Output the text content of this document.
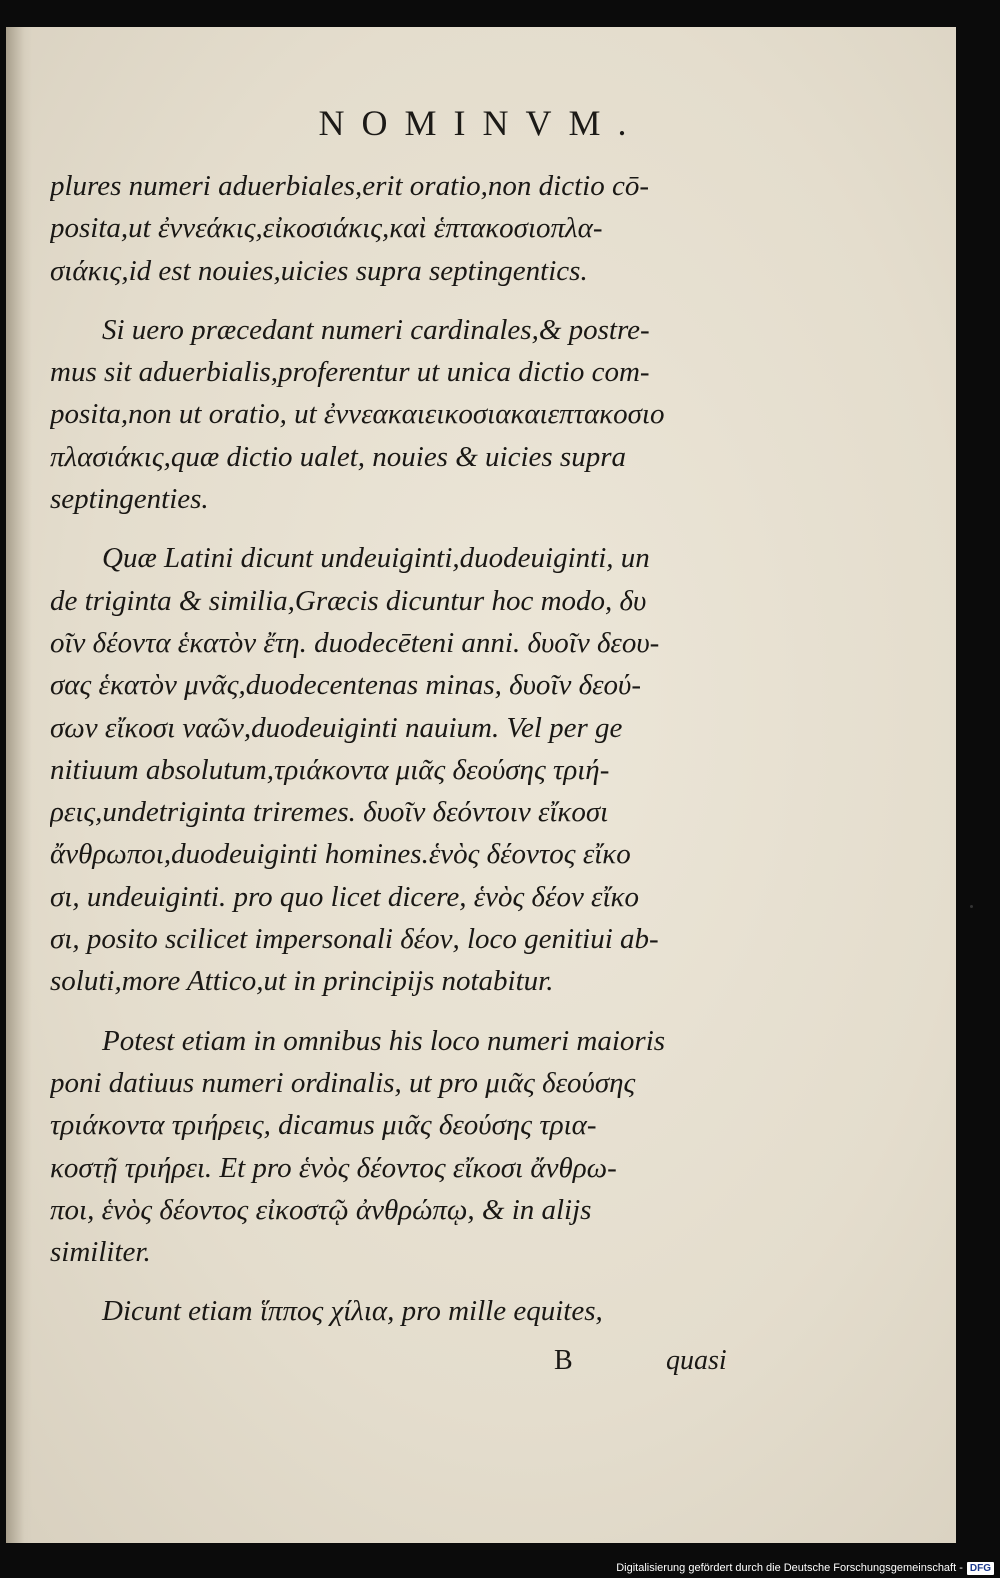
NOMINVM.
plures numeri aduerbiales,erit oratio,non dictio cō-
posita,ut ἐννεάκις,εἰκοσιάκις,καὶ ἑπτακοσιοπλα-
σιάκις,id est nouies,uicies supra septingentics.
Si uero præcedant numeri cardinales,& postre-
mus sit aduerbialis,proferentur ut unica dictio com-
posita,non ut oratio, ut ἐννεακαιεικοσιακαιεπτακοσιο
πλασιάκις,quæ dictio ualet, nouies & uicies supra
septingenties.
Quæ Latini dicunt undeuiginti,duodeuiginti, un
de triginta & similia,Græcis dicuntur hoc modo, δυ
οῖν δέοντα ἑκατὸν ἔτη. duodecēteni anni. δυοῖν δεου-
σας ἑκατὸν μνᾶς,duodecentenas minas, δυοῖν δεού-
σων εἴκοσι ναῶν,duodeuiginti nauium. Vel per ge
nitiuum absolutum,τριάκοντα μιᾶς δεούσης τριή-
ρεις,undetriginta triremes. δυοῖν δεόντοιν εἴκοσι
ἄνθρωποι,duodeuiginti homines.ἑνὸς δέοντος εἴκο
σι, undeuiginti. pro quo licet dicere, ἑνὸς δέον εἴκο
σι, posito scilicet impersonali δέον, loco genitiui ab-
soluti,more Attico,ut in principijs notabitur.
Potest etiam in omnibus his loco numeri maioris
poni datiuus numeri ordinalis, ut pro μιᾶς δεούσης
τριάκοντα τριήρεις, dicamus μιᾶς δεούσης τρια-
κοστῇ τριήρει. Et pro ἑνὸς δέοντος εἴκοσι ἄνθρω-
ποι, ἑνὸς δέοντος εἰκοστῷ ἀνθρώπῳ, & in alijs
similiter.
Dicunt etiam ἵππος χίλια, pro mille equites,
B	quasi
Digitalisierung gefördert durch die Deutsche Forschungsgemeinschaft - DFG
